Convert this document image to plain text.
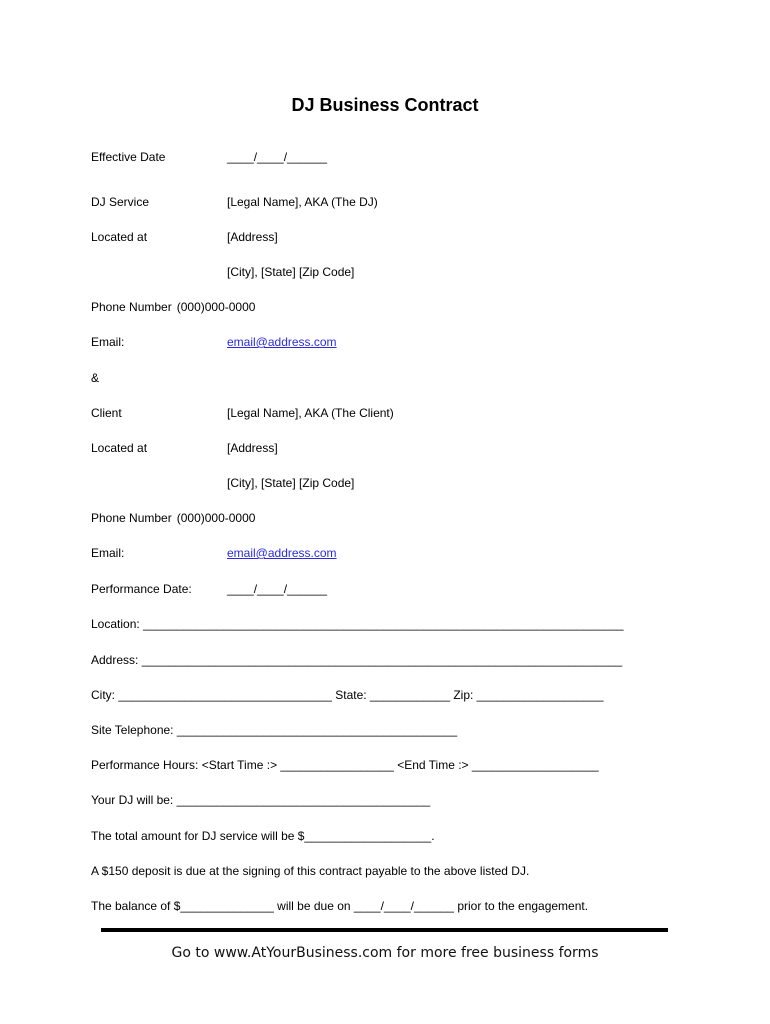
DJ Business Contract
Effective Date	____/____/______
DJ Service	[Legal Name], AKA (The DJ)
Located at	[Address]
[City], [State] [Zip Code]
Phone Number (000)000-0000
Email:	email@address.com
&
Client	[Legal Name], AKA (The Client)
Located at	[Address]
[City], [State] [Zip Code]
Phone Number (000)000-0000
Email:	email@address.com
Performance Date:	____/____/______
Location: ________________________________________________________________________
Address: ________________________________________________________________________
City: ________________________________ State: ____________ Zip: ___________________
Site Telephone: __________________________________________
Performance Hours: <Start Time :> _________________ <End Time :> ___________________
Your DJ will be: ______________________________________
The total amount for DJ service will be $___________________.
A $150 deposit is due at the signing of this contract payable to the above listed DJ.
The balance of $______________ will be due on ____/____/______ prior to the engagement.
Go to www.AtYourBusiness.com for more free business forms
